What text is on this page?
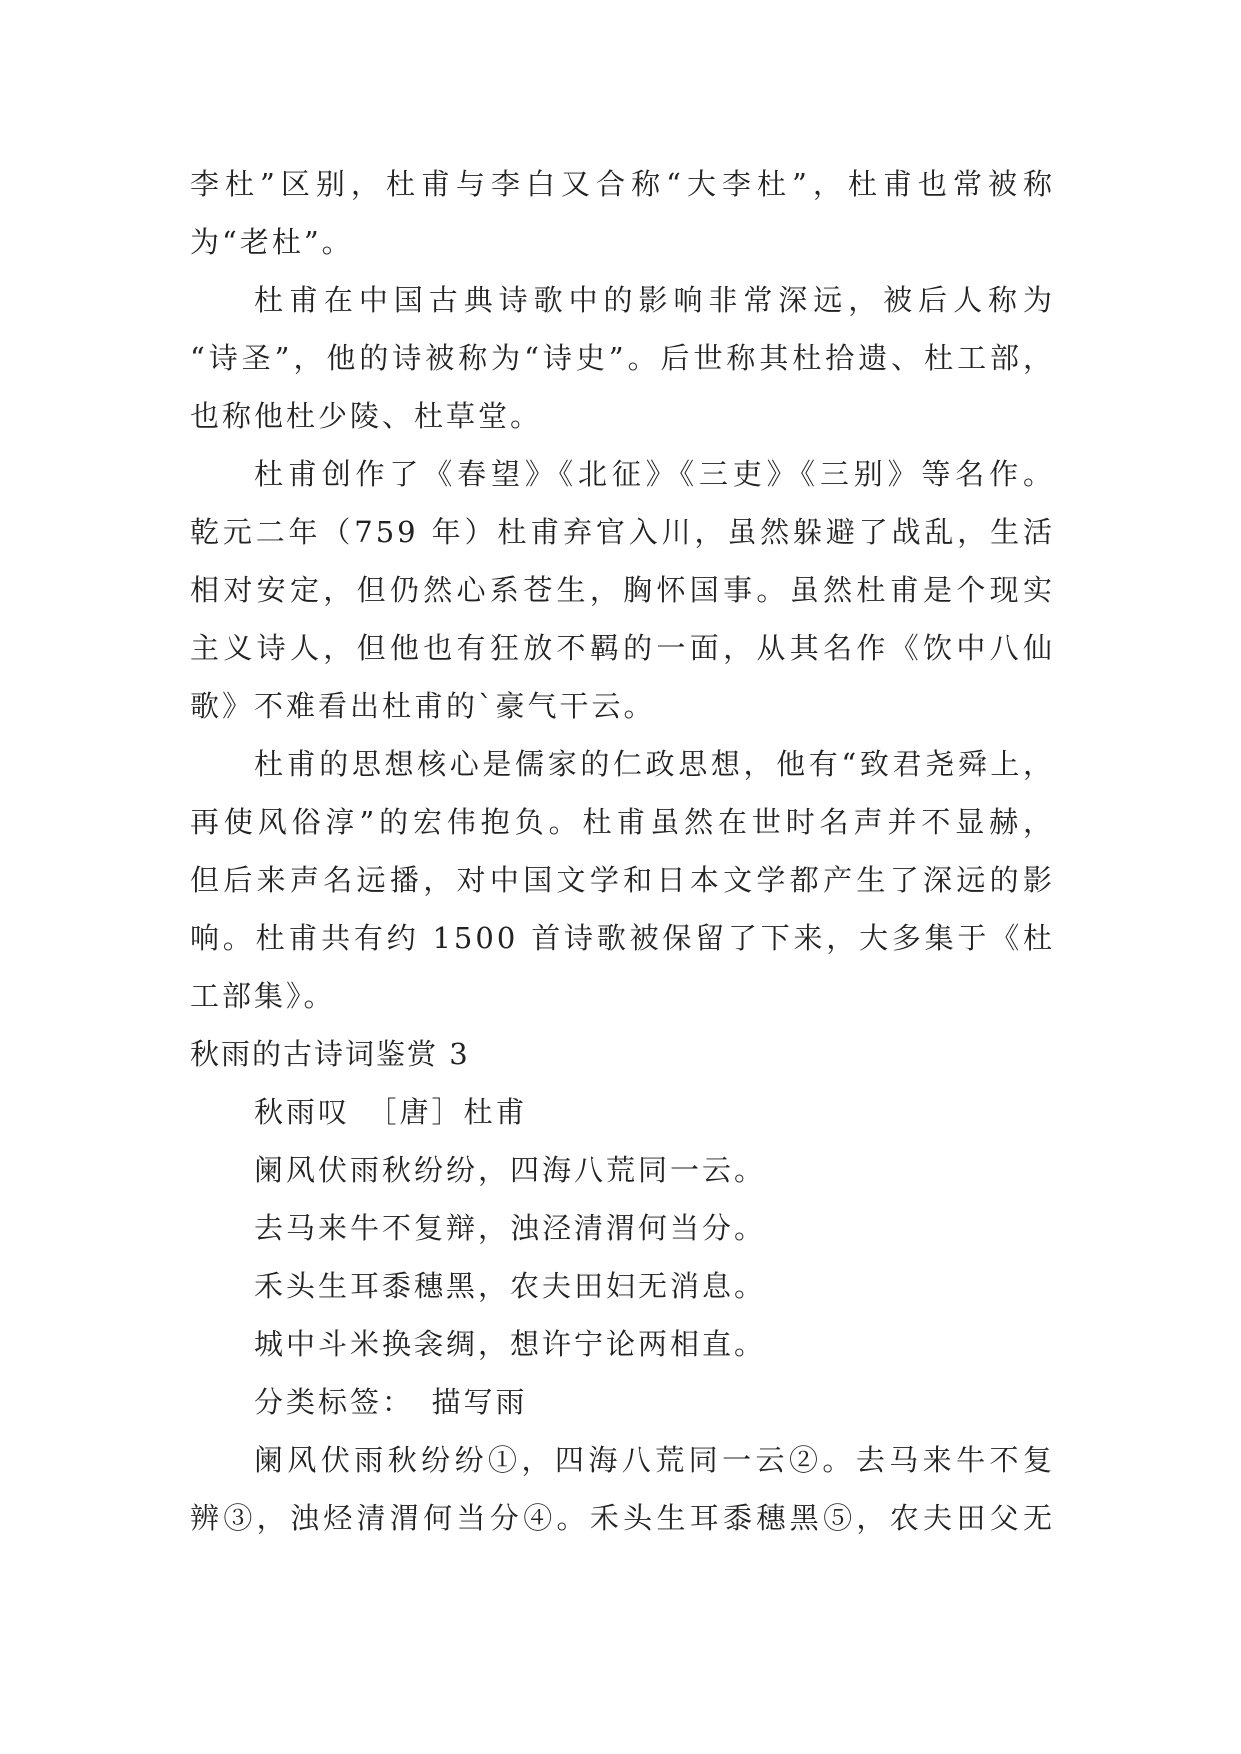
李杜”区别，杜甫与李白又合称“大李杜”，杜甫也常被称
为“老杜”。
杜甫在中国古典诗歌中的影响非常深远，被后人称为
“诗圣”，他的诗被称为“诗史”。后世称其杜拾遗、杜工部，
也称他杜少陵、杜草堂。
杜甫创作了《春望》《北征》《三吏》《三别》等名作。
乾元二年（759 年）杜甫弃官入川，虽然躲避了战乱，生活
相对安定，但仍然心系苍生，胸怀国事。虽然杜甫是个现实
主义诗人，但他也有狂放不羁的一面，从其名作《饮中八仙
歌》不难看出杜甫的`豪气干云。
杜甫的思想核心是儒家的仁政思想，他有“致君尧舜上，
再使风俗淳”的宏伟抱负。杜甫虽然在世时名声并不显赫，
但后来声名远播，对中国文学和日本文学都产生了深远的影
响。杜甫共有约 1500 首诗歌被保留了下来，大多集于《杜
工部集》。
秋雨的古诗词鉴赏 3
秋雨叹　［唐］杜甫
阑风伏雨秋纷纷，四海八荒同一云。
去马来牛不复辩，浊泾清渭何当分。
禾头生耳黍穗黑，农夫田妇无消息。
城中斗米换衾绸，想许宁论两相直。
分类标签：　描写雨
阑风伏雨秋纷纷①，四海八荒同一云②。去马来牛不复
辨③，浊烃清渭何当分④。禾头生耳黍穗黑⑤，农夫田父无
